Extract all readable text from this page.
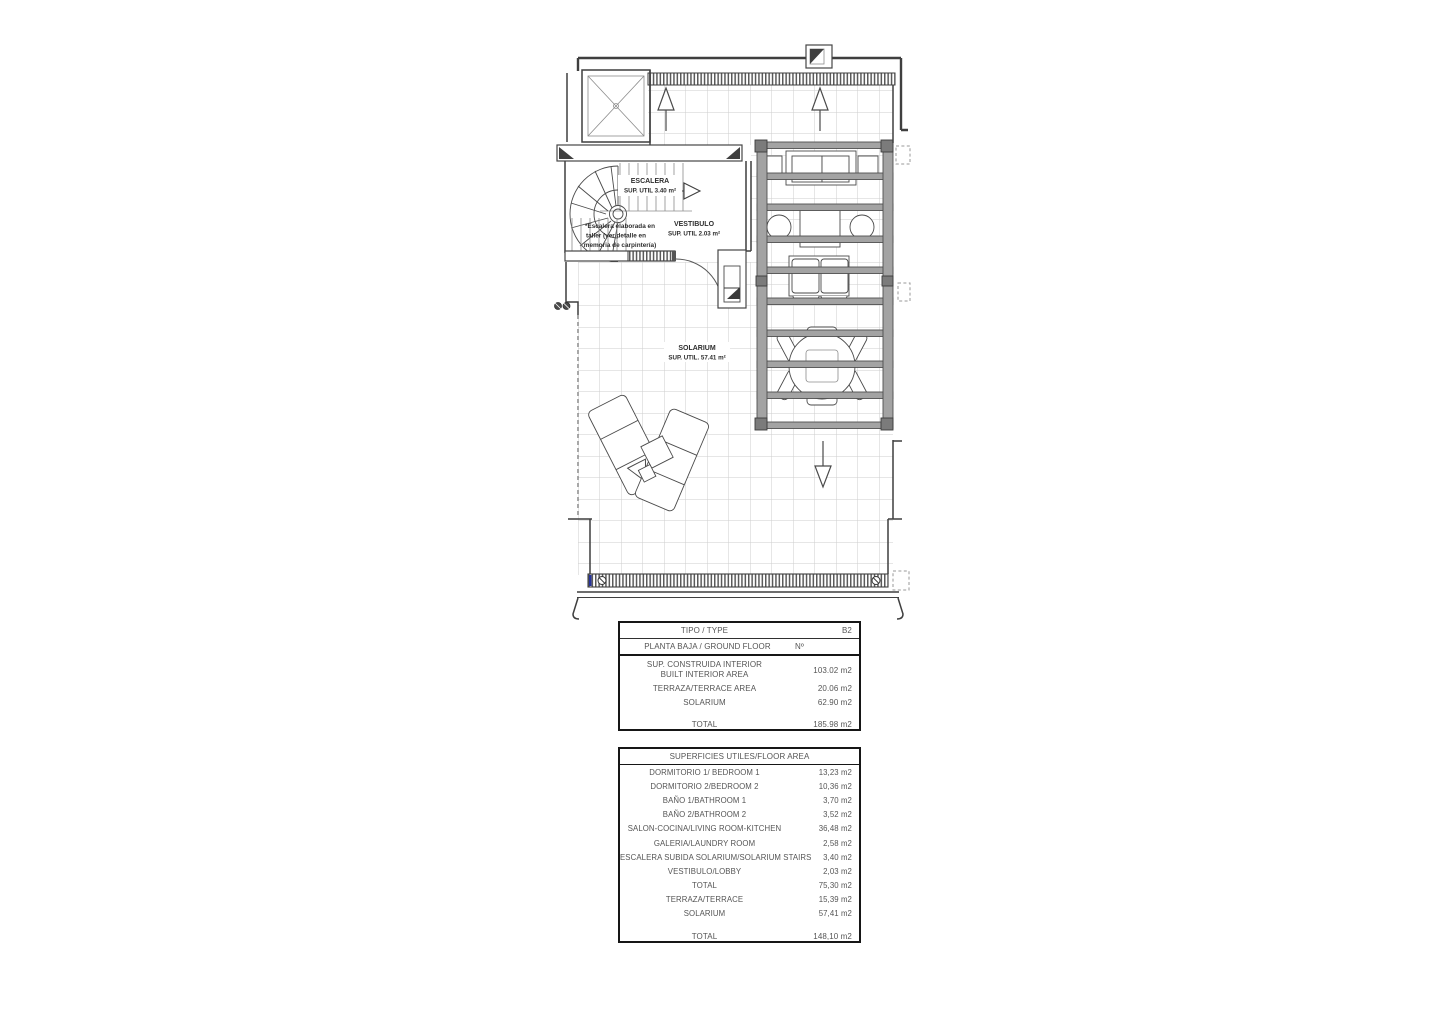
ESCALERA
SUP. UTIL 3.40 m²
*Escalera elaborada en
taller (ver detalle en
memoria de carpintería)
VESTIBULO
SUP. UTIL 2.03 m²
SOLARIUM
SUP. UTIL. 57.41 m²
TIPO / TYPE	B2
PLANTA BAJA / GROUND FLOOR	Nº
SUP. CONSTRUIDA INTERIOR
BUILT INTERIOR AREA	103.02 m2
TERRAZA/TERRACE AREA	20.06 m2
SOLARIUM	62.90 m2
TOTAL	185.98 m2
SUPERFICIES UTILES/FLOOR AREA
DORMITORIO 1/ BEDROOM 1	13,23 m2
DORMITORIO 2/BEDROOM 2	10,36 m2
BAÑO 1/BATHROOM 1	3,70 m2
BAÑO 2/BATHROOM 2	3,52 m2
SALON-COCINA/LIVING ROOM-KITCHEN	36,48 m2
GALERIA/LAUNDRY ROOM	2,58 m2
ESCALERA SUBIDA SOLARIUM/SOLARIUM STAIRS	3,40 m2
VESTIBULO/LOBBY	2,03 m2
TOTAL	75,30 m2
TERRAZA/TERRACE	15,39 m2
SOLARIUM	57,41 m2
TOTAL	148,10 m2
